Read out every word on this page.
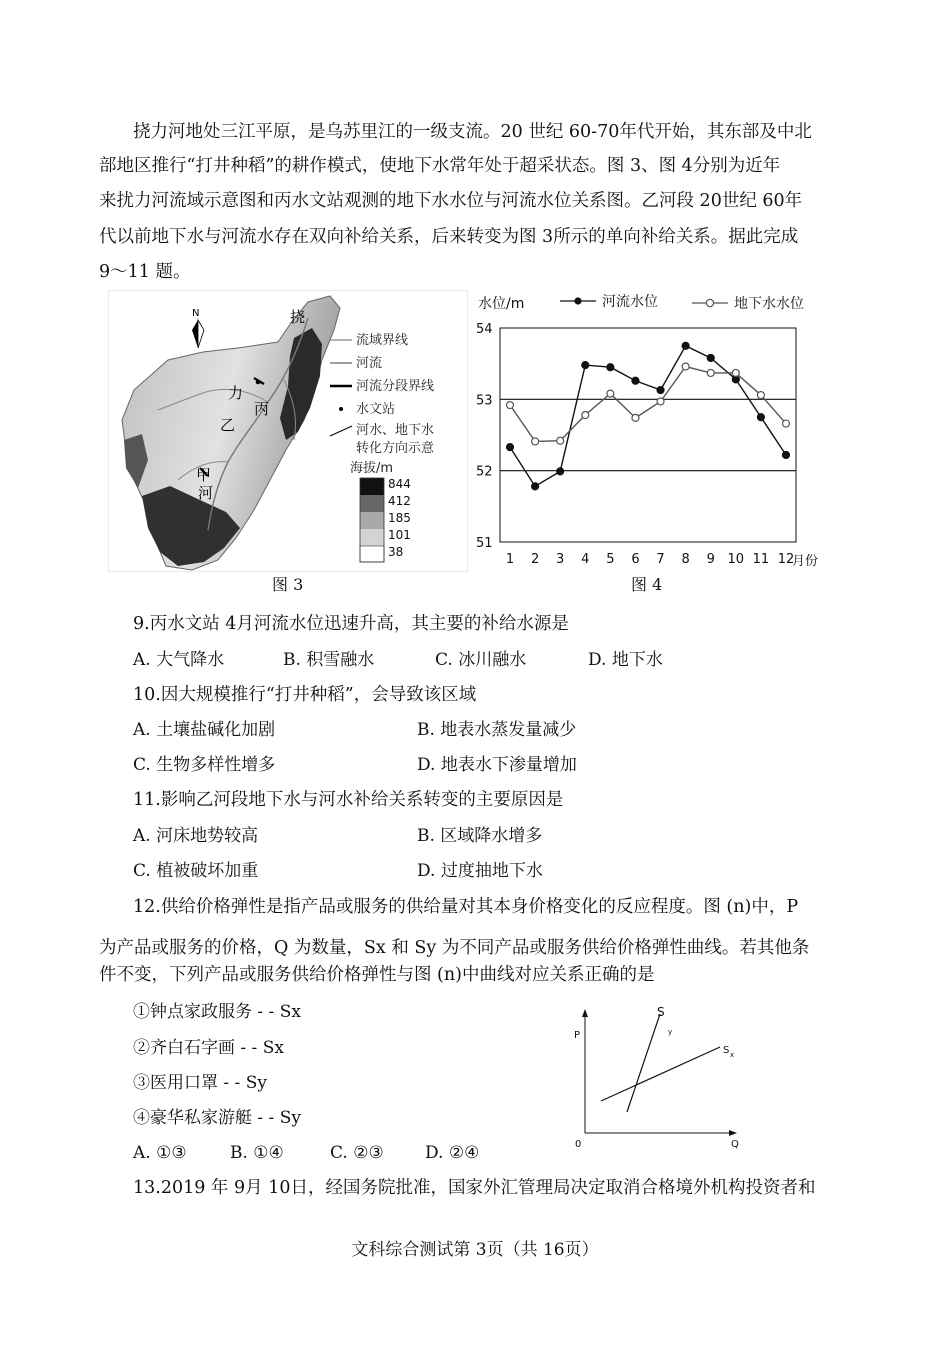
挠力河地处三江平原，是乌苏里江的一级支流。20 世纪 60-70年代开始，其东部及中北
部地区推行“打井种稻”的耕作模式，使地下水常年处于超采状态。图 3、图 4分别为近年
来扰力河流域示意图和丙水文站观测的地下水水位与河流水位关系图。乙河段 20世纪 60年
代以前地下水与河流水存在双向补给关系，后来转变为图 3所示的单向补给关系。据此完成
9～11 题。
N	挠
力
乙
丙
甲
河
流域界线
河流
河流分段界线
水文站
河水、地下水
转化方向示意
海拔/m
844
412
185
101
38
图 3
水位/m	河流水位	地下水水位
51
52
53
54
1 2 3 4 5 6 7 8 9 10 11 12
月份
图 4
9.丙水文站 4月河流水位迅速升高，其主要的补给水源是
A. 大气降水	B. 积雪融水	C. 冰川融水	D. 地下水
10.因大规模推行“打井种稻”，会导致该区域
A. 土壤盐碱化加剧	B. 地表水蒸发量减少
C. 生物多样性增多	D. 地表水下渗量增加
11.影响乙河段地下水与河水补给关系转变的主要原因是
A. 河床地势较高	B. 区域降水增多
C. 植被破坏加重	D. 过度抽地下水
12.供给价格弹性是指产品或服务的供给量对其本身价格变化的反应程度。图 (n)中，P
为产品或服务的价格，Q 为数量，Sx 和 Sy 为不同产品或服务供给价格弹性曲线。若其他条
件不变，下列产品或服务供给价格弹性与图 (n)中曲线对应关系正确的是
①钟点家政服务 - - Sx
②齐白石字画 - - Sx
③医用口罩 - - Sy
④豪华私家游艇 - - Sy
A. ①③	B. ①④	C. ②③ D. ②④
P
Q
0
S
y
S x
13.2019 年 9月 10日，经国务院批准，国家外汇管理局决定取消合格境外机构投资者和
文科综合测试第 3页（共 16页）
